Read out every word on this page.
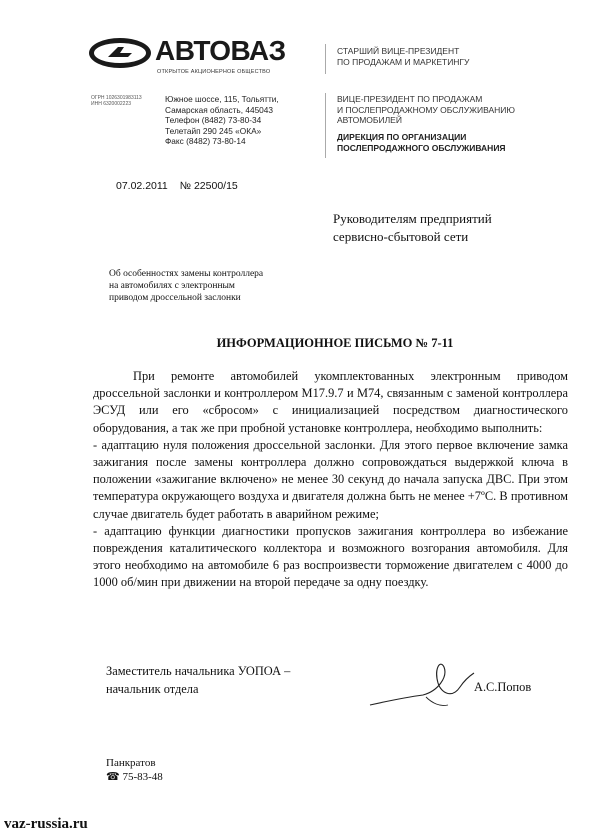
АВТОВАЗ
ОТКРЫТОЕ АКЦИОНЕРНОЕ ОБЩЕСТВО
СТАРШИЙ ВИЦЕ-ПРЕЗИДЕНТ
ПО ПРОДАЖАМ И МАРКЕТИНГУ
ОГРН 1026301983113
ИНН 6320002223	Южное шоссе, 115, Тольятти,
Самарская область, 445043
Телефон (8482) 73-80-34
Телетайп 290 245 «ОКА»
Факс (8482) 73-80-14
ВИЦЕ-ПРЕЗИДЕНТ ПО ПРОДАЖАМ
И ПОСЛЕПРОДАЖНОМУ ОБСЛУЖИВАНИЮ
АВТОМОБИЛЕЙ
ДИРЕКЦИЯ ПО ОРГАНИЗАЦИИ
ПОСЛЕПРОДАЖНОГО ОБСЛУЖИВАНИЯ
07.02.2011 № 22500/15
Руководителям предприятий
сервисно-сбытовой сети
Об особенностях замены контроллера
на автомобилях с электронным
приводом дроссельной заслонки
ИНФОРМАЦИОННОЕ ПИСЬМО № 7-11

При ремонте автомобилей укомплектованных электронным приводом дроссельной заслонки и контроллером М17.9.7 и М74, связанным с заменой контроллера ЭСУД или его «сбросом» с инициализацией посредством диагностического оборудования, а так же при пробной установке контроллера, необходимо выполнить:

- адаптацию нуля положения дроссельной заслонки. Для этого первое включение замка зажигания после замены контроллера должно сопровождаться выдержкой ключа в положении «зажигание включено» не менее 30 секунд до начала запуска ДВС. При этом температура окружающего воздуха и двигателя должна быть не менее +7ºС. В противном случае двигатель будет работать в аварийном режиме;

- адаптацию функции диагностики пропусков зажигания контроллера во избежание повреждения каталитического коллектора и возможного возгорания автомобиля. Для этого необходимо на автомобиле 6 раз воспроизвести торможение двигателем с 4000 до 1000 об/мин при движении на второй передаче за одну поездку.

Заместитель начальника УОПОА –
начальник отдела	А.С.Попов
Панкратов
☎ 75-83-48
vaz-russia.ru
